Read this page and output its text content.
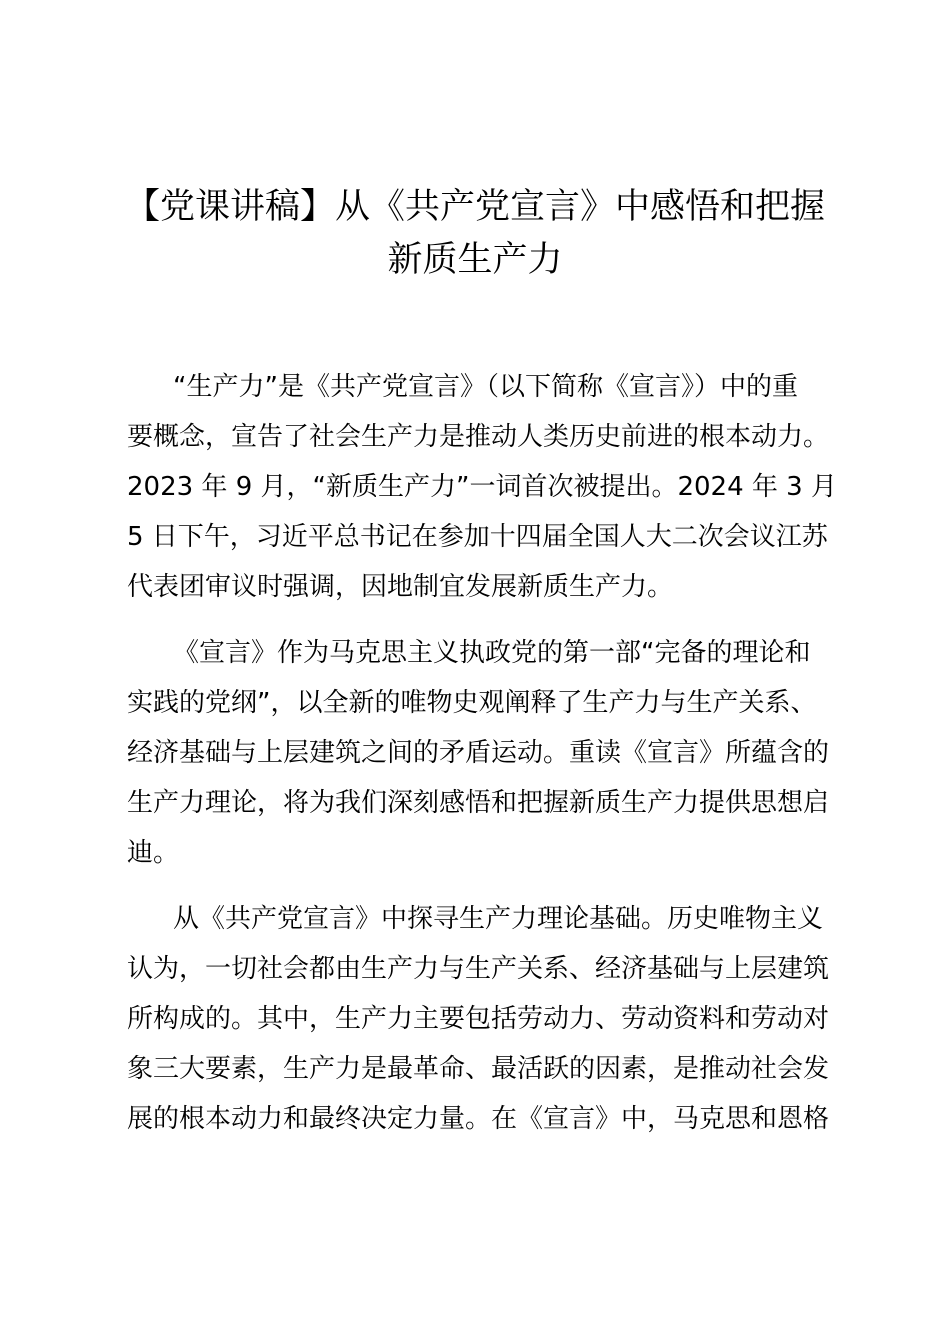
【党课讲稿】从《共产党宣言》中感悟和把握
新质生产力

“生产力”是《共产党宣言》（以下简称《宣言》）中的重

要概念，宣告了社会生产力是推动人类历史前进的根本动力。

2023 年 9 月，“新质生产力”一词首次被提出。2024 年 3 月

5 日下午，习近平总书记在参加十四届全国人大二次会议江苏

代表团审议时强调，因地制宜发展新质生产力。

《宣言》作为马克思主义执政党的第一部“完备的理论和

实践的党纲”，以全新的唯物史观阐释了生产力与生产关系、

经济基础与上层建筑之间的矛盾运动。重读《宣言》所蕴含的

生产力理论，将为我们深刻感悟和把握新质生产力提供思想启

迪。

从《共产党宣言》中探寻生产力理论基础。历史唯物主义

认为，一切社会都由生产力与生产关系、经济基础与上层建筑

所构成的。其中，生产力主要包括劳动力、劳动资料和劳动对

象三大要素，生产力是最革命、最活跃的因素，是推动社会发

展的根本动力和最终决定力量。在《宣言》中，马克思和恩格
